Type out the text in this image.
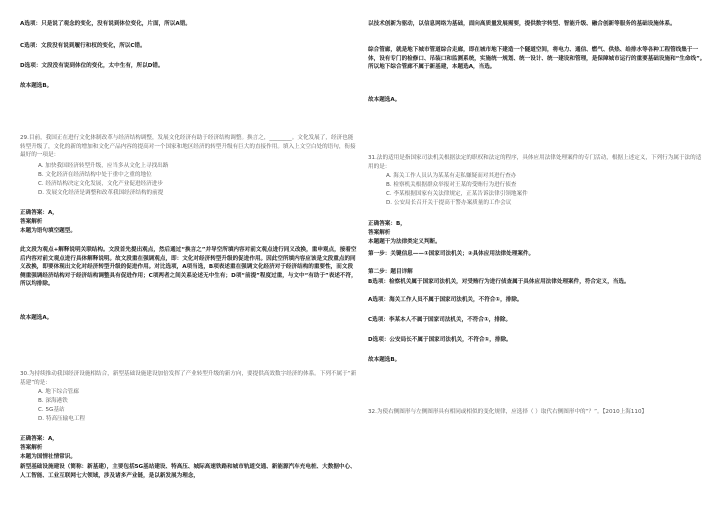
A选项：只是说了观念的变化，没有说到体位变化，片面，所以A错。
C选项：文段没有说到履行和权的变化，所以C错。
D选项：文段没有说到体位的变化，太中生有，所以D错。
故本题选B。
29.目前，我国正在进行文化体制改革与经济结构调整，发展文化经济有助于经济结构调整。换言之，________。文化发展了，经济也能转型升级了，文化的新的增加和文化产品内容的提高对一个国家和地区经济的转型升级有巨大的直接作用。填入上文空白处的语句，衔接最好的一项是：
A. 加快我国经济转型升级，应当多从文化上寻找出路
B. 文化经济在经济结构中处于重中之重的地位
C. 经济结构决定文化发展，文化产业促进经济进步
D. 发展文化经济是调整和改革我国经济结构的前提
正确答案：A，
答案解析
本题为语句填空题型。
此文段为观点+解释说明关联结构。文段首先提出观点，然后通过“换言之”并导空所填内容对前文观点进行同义改换，重申观点，接着空后内容对前文观点进行具体解释说明。故文段重在强调观点，即：文化对经济转型升级的促进作用。因此空所填内容应该是文段重点的同义改换，即要体现出文化对经济转型升级的促进作用。对比选项，A项当选，B项表述重在强调文化经济对于经济结构的重要性，而文段侧重强调经济结构对于经济结构调整具有促进作用；C项两者之间关系论述无中生有；D项“前提”程度过重，与文中“有助于”表述不符，所以均排除。
故本题选A。
30.为持续推动我国经济设施相结合，新型基础设施建设加倍发挥了产业转型升级的新方向，要提供高效数字经济的体系。下列不属于“新基建”的是：
A. 地下综合管廊
B. 深海港铁
C. 5G基站
D. 特高压输电工程
正确答案：A，
答案解析
本题为国情社情常识。
新型基础设施建设（简称：新基建），主要包括5G基站建设、特高压、城际高速铁路和城市轨道交通、新能源汽车充电桩、大数据中心、人工智能、工业互联网七大领域，涉及诸多产业链，是以新发展为理念，
以技术创新为驱动，以信息网络为基础，面向高质量发展需要，提供数字转型、智能升级、融合创新等服务的基础设施体系。
综合管廊，就是地下城市管道综合走廊，即在城市地下建造一个隧道空间，将电力、通信、燃气、供热、给排水等各种工程管线集于一体，设有专门的检修口、吊装口和监测系统，实施统一规划、统一设计、统一建设和管理，是保障城市运行的重要基础设施和“生命线”。所以地下综合管廊不属于新基建，本题选A，当选。
故本题选A。
31.法的适用是指国家司法机关根据法定的职权和法定的程序，具体应用法律处理案件的专门活动，根据上述定义，下列行为属于法的适用的是：
A. 海关工作人员认为某某有走私嫌疑而对其进行查办
B. 检察机关根据群众举报对王某的受贿行为进行侦查
C. 李某根据国家有关法律规定，正某告诉法律引领地案件
D. 公安局长召开关于提高干警办案质量的工作会议
正确答案：B，
答案解析
本题题干为法律类定义判断。
第一步：关键信息——①国家司法机关；②具体应用法律处理案件。
第二步：题目详解
B选项：检察机关属于国家司法机关，对受贿行为进行侦查属于具体应用法律处理案件，符合定义，当选。
A选项：海关工作人员不属于国家司法机关，不符合①，排除。
C选项：李某本人不属于国家司法机关，不符合①，排除。
D选项：公安局长不属于国家司法机关，不符合①，排除。
故本题选B。
32.为使右侧图形与左侧图形具有相同或相似的变化规律，应选择（ ）取代右侧图形中的“？”。【2010上海110】
